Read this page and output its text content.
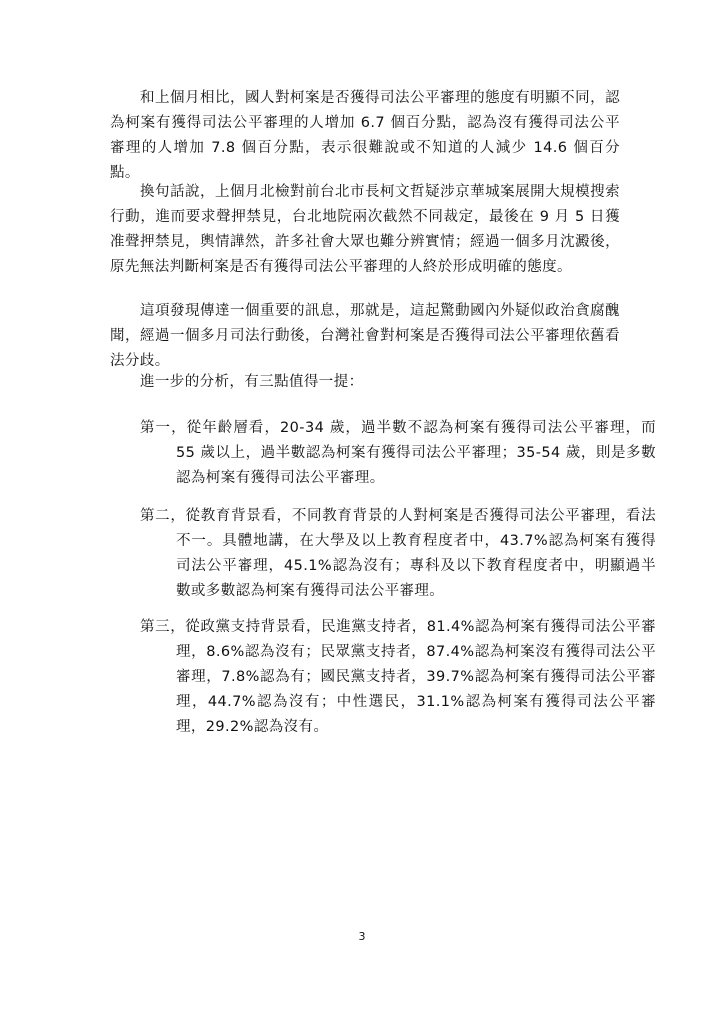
和上個月相比，國人對柯案是否獲得司法公平審理的態度有明顯不同，認為柯案有獲得司法公平審理的人增加 6.7 個百分點，認為沒有獲得司法公平審理的人增加 7.8 個百分點，表示很難說或不知道的人減少 14.6 個百分點。

換句話說，上個月北檢對前台北市長柯文哲疑涉京華城案展開大規模搜索行動，進而要求聲押禁見，台北地院兩次截然不同裁定，最後在 9 月 5 日獲准聲押禁見，輿情譁然，許多社會大眾也難分辨實情；經過一個多月沈澱後，原先無法判斷柯案是否有獲得司法公平審理的人終於形成明確的態度。

這項發現傳達一個重要的訊息，那就是，這起驚動國內外疑似政治貪腐醜聞，經過一個多月司法行動後，台灣社會對柯案是否獲得司法公平審理依舊看法分歧。

進一步的分析，有三點值得一提：

第一，從年齡層看，20-34 歲，過半數不認為柯案有獲得司法公平審理，而 55 歲以上，過半數認為柯案有獲得司法公平審理；35-54 歲，則是多數認為柯案有獲得司法公平審理。

第二，從教育背景看，不同教育背景的人對柯案是否獲得司法公平審理，看法不一。具體地講，在大學及以上教育程度者中，43.7%認為柯案有獲得司法公平審理，45.1%認為沒有；專科及以下教育程度者中，明顯過半數或多數認為柯案有獲得司法公平審理。

第三，從政黨支持背景看，民進黨支持者，81.4%認為柯案有獲得司法公平審理，8.6%認為沒有；民眾黨支持者，87.4%認為柯案沒有獲得司法公平審理，7.8%認為有；國民黨支持者，39.7%認為柯案有獲得司法公平審理，44.7%認為沒有；中性選民，31.1%認為柯案有獲得司法公平審理，29.2%認為沒有。

3
